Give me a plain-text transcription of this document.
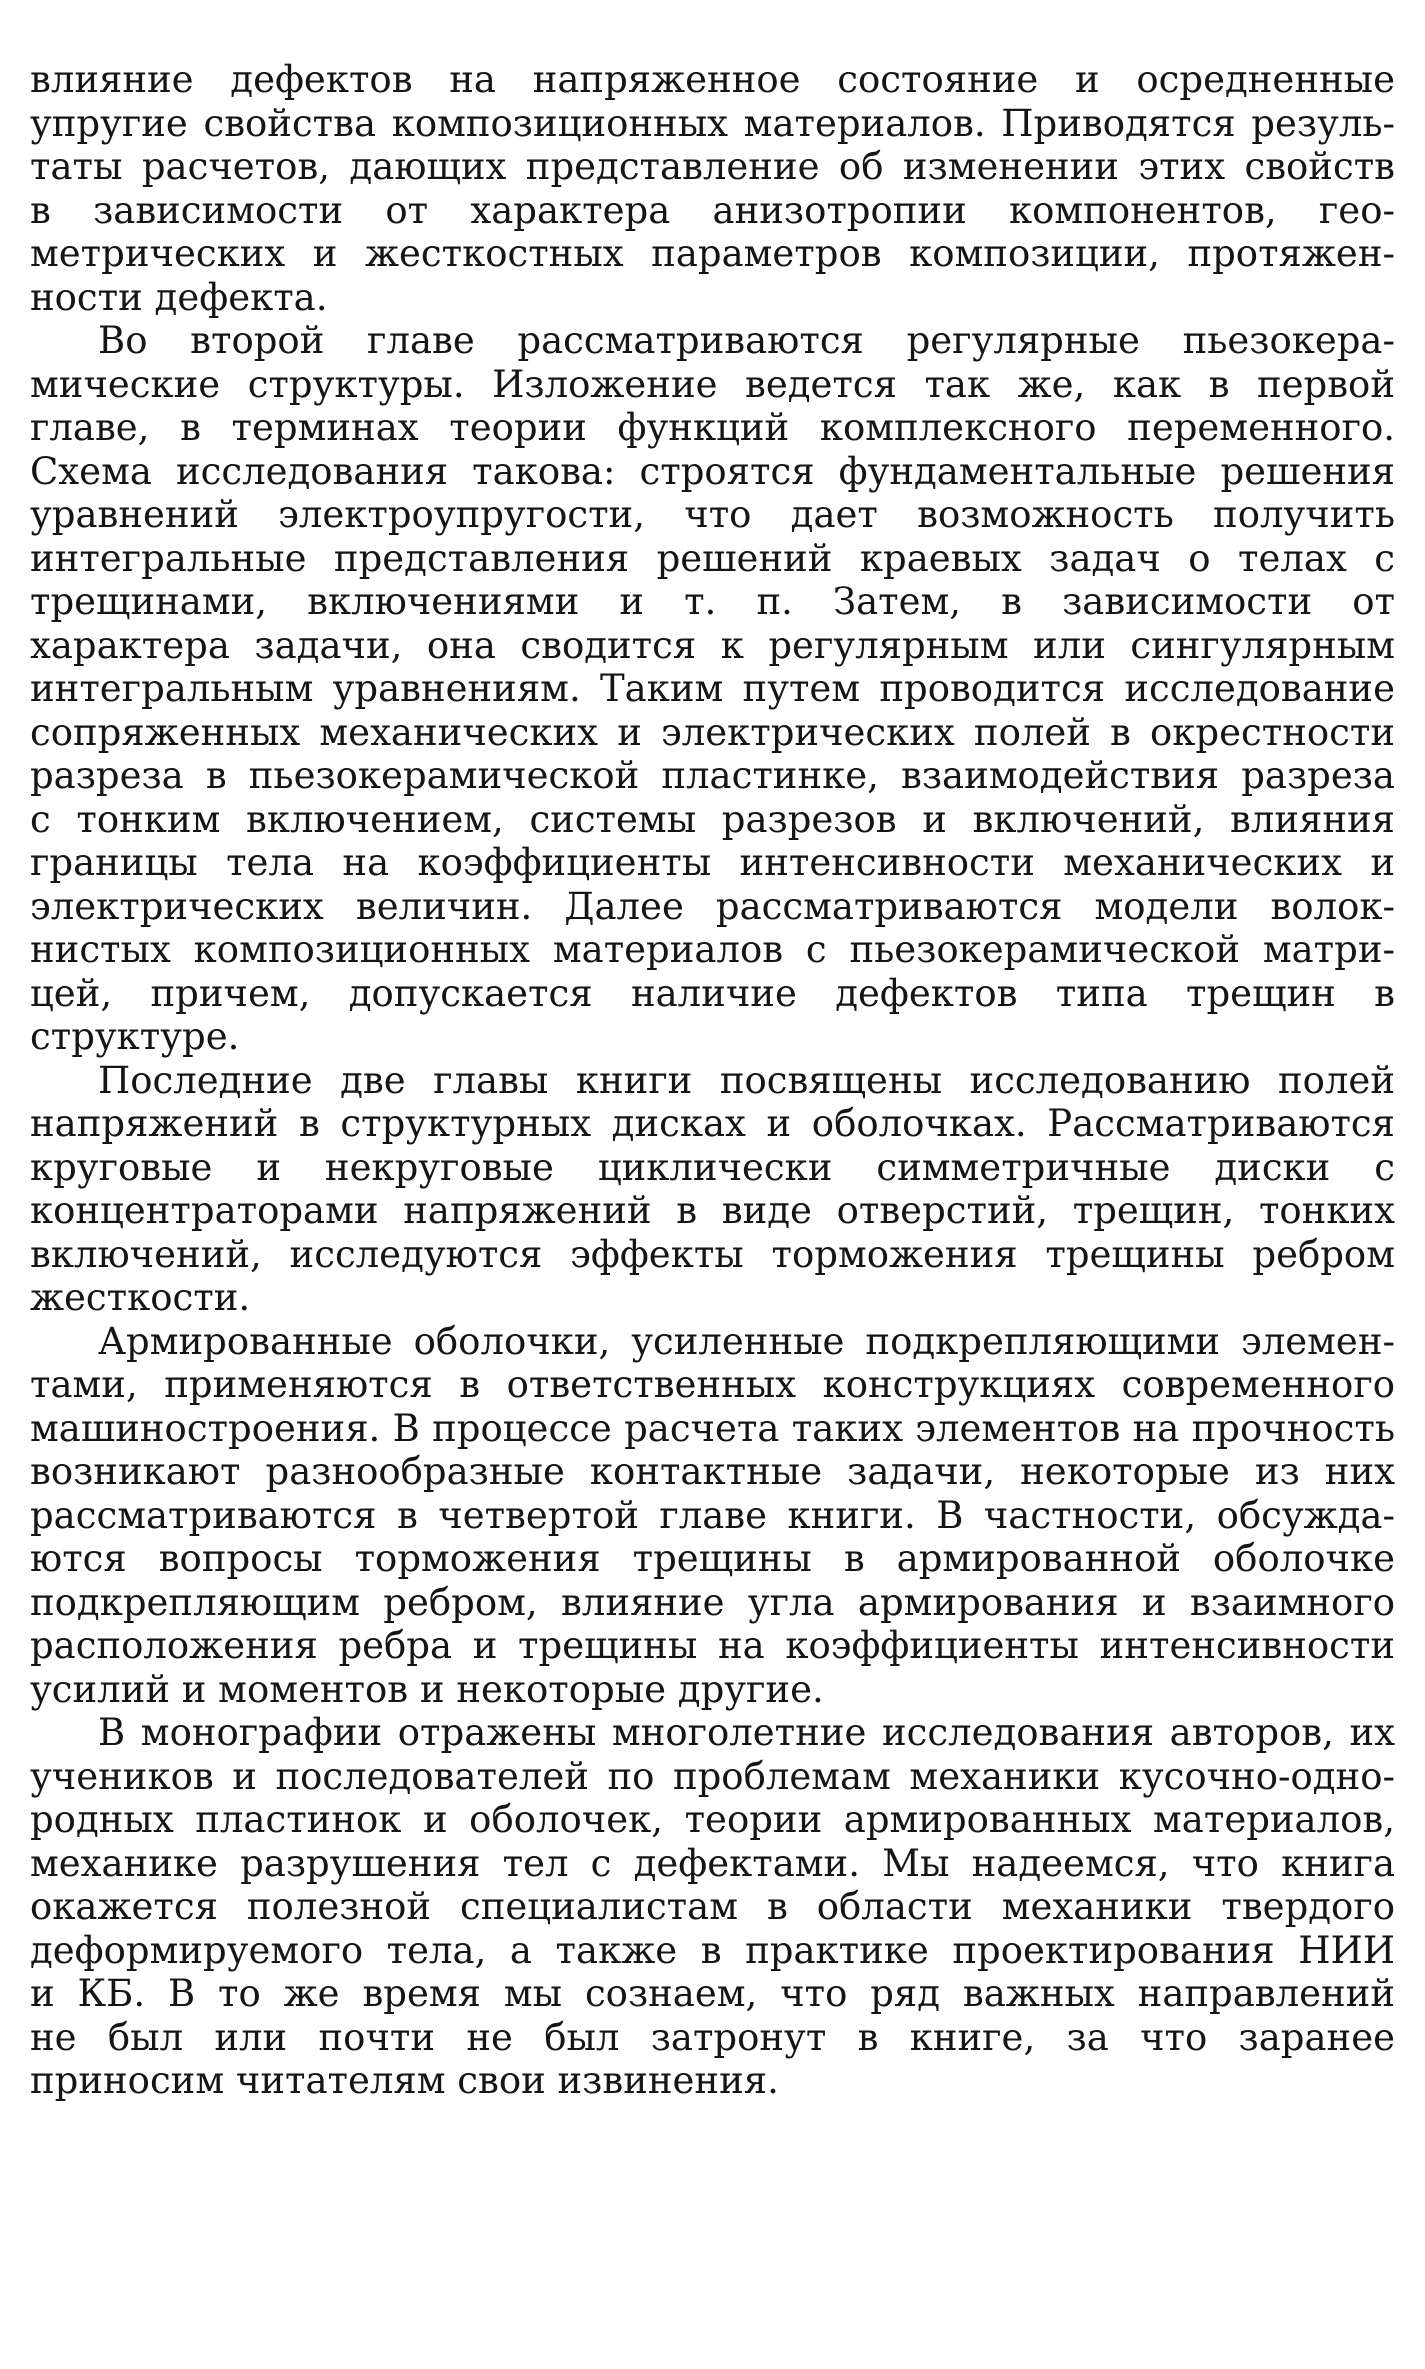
влияние дефектов на напряженное состояние и осредненные
упругие свойства композиционных материалов. Приводятся резуль-
таты расчетов, дающих представление об изменении этих свойств
в зависимости от характера анизотропии компонентов, гео-
метрических и жесткостных параметров композиции, протяжен-
ности дефекта.
Во второй главе рассматриваются регулярные пьезокера-
мические структуры. Изложение ведется так же, как в первой
главе, в терминах теории функций комплексного переменного.
Схема исследования такова: строятся фундаментальные решения
уравнений электроупругости, что дает возможность получить
интегральные представления решений краевых задач о телах с
трещинами, включениями и т. п. Затем, в зависимости от
характера задачи, она сводится к регулярным или сингулярным
интегральным уравнениям. Таким путем проводится исследование
сопряженных механических и электрических полей в окрестности
разреза в пьезокерамической пластинке, взаимодействия разреза
с тонким включением, системы разрезов и включений, влияния
границы тела на коэффициенты интенсивности механических и
электрических величин. Далее рассматриваются модели волок-
нистых композиционных материалов с пьезокерамической матри-
цей, причем, допускается наличие дефектов типа трещин в
структуре.
Последние две главы книги посвящены исследованию полей
напряжений в структурных дисках и оболочках. Рассматриваются
круговые и некруговые циклически симметричные диски с
концентраторами напряжений в виде отверстий, трещин, тонких
включений, исследуются эффекты торможения трещины ребром
жесткости.
Армированные оболочки, усиленные подкрепляющими элемен-
тами, применяются в ответственных конструкциях современного
машиностроения. В процессе расчета таких элементов на прочность
возникают разнообразные контактные задачи, некоторые из них
рассматриваются в четвертой главе книги. В частности, обсужда-
ются вопросы торможения трещины в армированной оболочке
подкрепляющим ребром, влияние угла армирования и взаимного
расположения ребра и трещины на коэффициенты интенсивности
усилий и моментов и некоторые другие.
В монографии отражены многолетние исследования авторов, их
учеников и последователей по проблемам механики кусочно-одно-
родных пластинок и оболочек, теории армированных материалов,
механике разрушения тел с дефектами. Мы надеемся, что книга
окажется полезной специалистам в области механики твердого
деформируемого тела, а также в практике проектирования НИИ
и КБ. В то же время мы сознаем, что ряд важных направлений
не был или почти не был затронут в книге, за что заранее
приносим читателям свои извинения.
